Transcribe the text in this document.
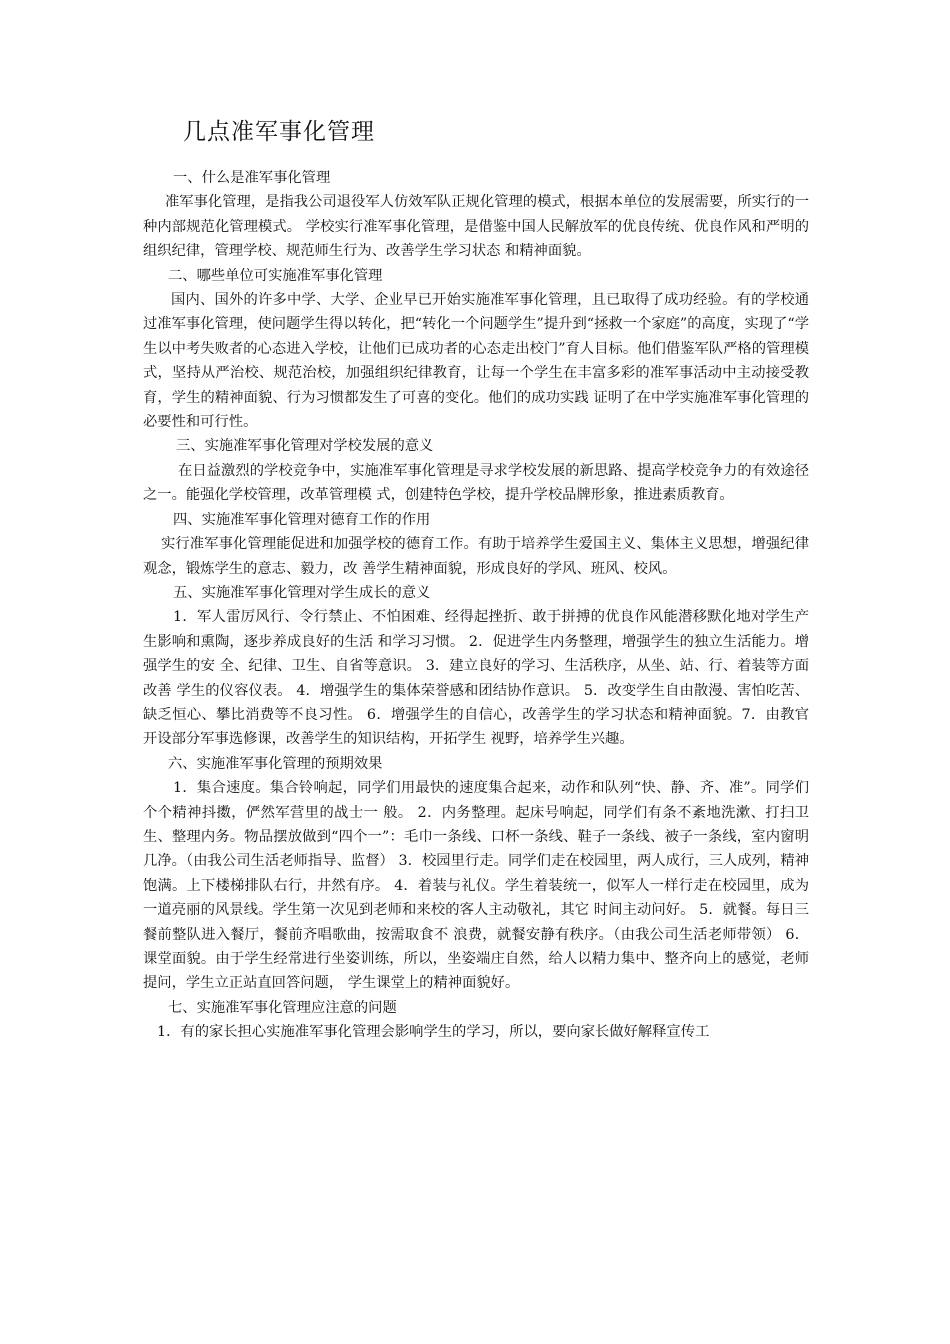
几点准军事化管理
一、什么是准军事化管理
准军事化管理，是指我公司退役军人仿效军队正规化管理的模式，根据本单位的发展需要，所实行的一种内部规范化管理模式。 学校实行准军事化管理，是借鉴中国人民解放军的优良传统、优良作风和严明的组织纪律，管理学校、规范师生行为、改善学生学习状态 和精神面貌。
二、哪些单位可实施准军事化管理
国内、国外的许多中学、大学、企业早已开始实施准军事化管理，且已取得了成功经验。有的学校通过准军事化管理，使问题学生得以转化，把“转化一个问题学生”提升到“拯救一个家庭”的高度，实现了“学生以中考失败者的心态进入学校，让他们已成功者的心态走出校门”育人目标。他们借鉴军队严格的管理模式，坚持从严治校、规范治校，加强组织纪律教育，让每一个学生在丰富多彩的准军事活动中主动接受教育，学生的精神面貌、行为习惯都发生了可喜的变化。他们的成功实践 证明了在中学实施准军事化管理的必要性和可行性。
三、实施准军事化管理对学校发展的意义
在日益激烈的学校竞争中，实施准军事化管理是寻求学校发展的新思路、提高学校竞争力的有效途径之一。能强化学校管理，改革管理模 式，创建特色学校，提升学校品牌形象，推进素质教育。
四、实施准军事化管理对德育工作的作用
实行准军事化管理能促进和加强学校的德育工作。有助于培养学生爱国主义、集体主义思想，增强纪律观念，锻炼学生的意志、毅力，改 善学生精神面貌，形成良好的学风、班风、校风。
五、实施准军事化管理对学生成长的意义
1．军人雷厉风行、令行禁止、不怕困难、经得起挫折、敢于拼搏的优良作风能潜移默化地对学生产生影响和熏陶，逐步养成良好的生活 和学习习惯。 2．促进学生内务整理，增强学生的独立生活能力。增强学生的安 全、纪律、卫生、自省等意识。 3．建立良好的学习、生活秩序，从坐、站、行、着装等方面改善 学生的仪容仪表。 4．增强学生的集体荣誉感和团结协作意识。 5．改变学生自由散漫、害怕吃苦、缺乏恒心、攀比消费等不良习性。 6．增强学生的自信心，改善学生的学习状态和精神面貌。7．由教官开设部分军事选修课，改善学生的知识结构，开拓学生 视野，培养学生兴趣。
六、实施准军事化管理的预期效果
1．集合速度。集合铃响起，同学们用最快的速度集合起来，动作和队列“快、静、齐、准”。同学们个个精神抖擞，俨然军营里的战士一 般。 2．内务整理。起床号响起，同学们有条不紊地洗漱、打扫卫生、整理内务。物品摆放做到“四个一”：毛巾一条线、口杯一条线、鞋子一条线、被子一条线，室内窗明几净。（由我公司生活老师指导、监督） 3．校园里行走。同学们走在校园里，两人成行，三人成列，精神 饱满。上下楼梯排队右行，井然有序。 4．着装与礼仪。学生着装统一，似军人一样行走在校园里，成为一道亮丽的风景线。学生第一次见到老师和来校的客人主动敬礼，其它 时间主动问好。 5．就餐。每日三餐前整队进入餐厅，餐前齐唱歌曲，按需取食不 浪费，就餐安静有秩序。（由我公司生活老师带领） 6．课堂面貌。由于学生经常进行坐姿训练，所以，坐姿端庄自然，给人以精力集中、整齐向上的感觉，老师提问，学生立正站直回答问题， 学生课堂上的精神面貌好。
七、实施准军事化管理应注意的问题
1．有的家长担心实施准军事化管理会影响学生的学习，所以，要向家长做好解释宣传工
